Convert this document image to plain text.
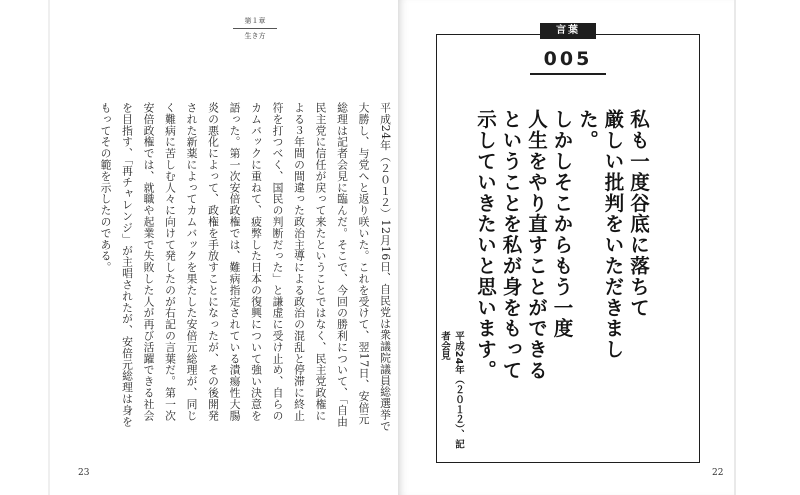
第１章
生き方

平成24年（２０１２）12月16日、自民党は衆議院議員総選挙で大勝し、与党へと返り咲いた。これを受けて、翌17日、安倍元総理は記者会見に臨んだ。そこで、今回の勝利について、「自由民主党に信任が戻って来たということではなく、民主党政権による３年間の間違った政治主導による政治の混乱と停滞に終止符を打つべく、国民の判断だった」と謙虚に受け止め、自らのカムバックに重ねて、疲弊した日本の復興について強い決意を語った。第一次安倍政権では、難病指定されている潰瘍性大腸炎の悪化によって、政権を手放すことになったが、その後開発された新薬によってカムバックを果たした安倍元総理が、同じく難病に苦しむ人々に向けて発したのが右記の言葉だ。第一次安倍政権では、就職や起業で失敗した人が再び活躍できる社会を目指す、「再チャレンジ」が主唱されたが、安倍元総理は身をもってその範を示したのである。

23
言葉
005
私も一度谷底に落ちて
厳しい批判をいただきました。
しかしそこからもう一度
人生をやり直すことができる
ということを私が身をもって
示していきたいと思います。
平成24年（２０１２）、記者会見
22
